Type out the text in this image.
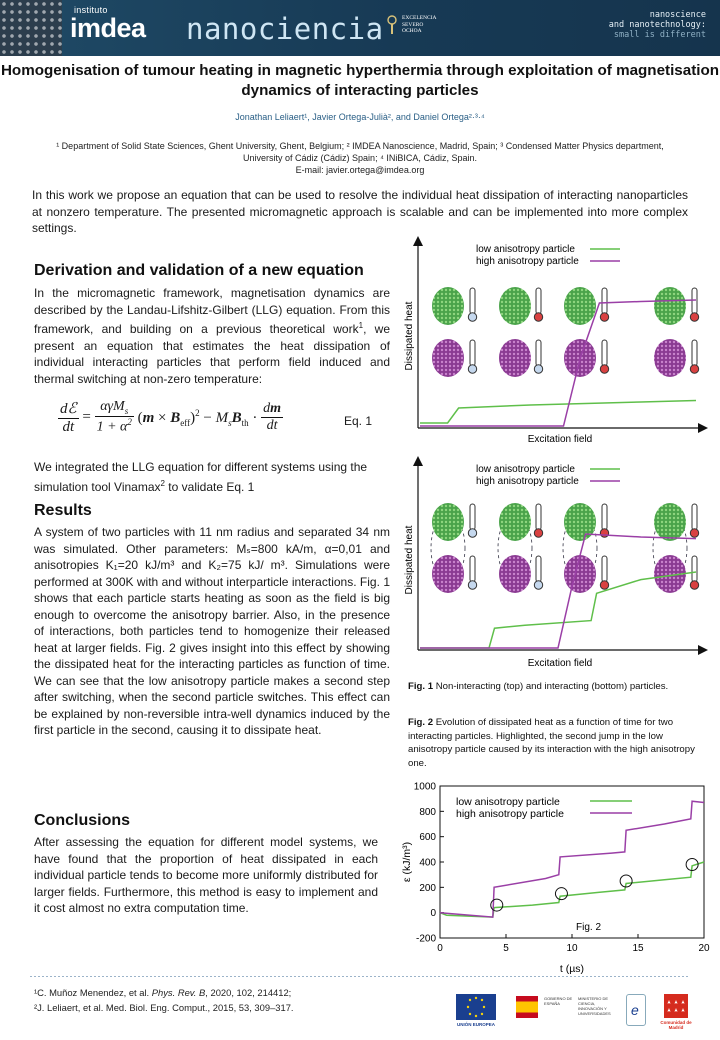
instituto
imdea nanociencia	EXCELENCIA
SEVERO
OCHOA
nanoscience
and nanotechnology:
small is different
Homogenisation of tumour heating in magnetic hyperthermia through exploitation of magnetisation dynamics of interacting particles
Jonathan Leliaert¹, Javier Ortega-Julià², and Daniel Ortega²·³·⁴
¹ Department of Solid State Sciences, Ghent University, Ghent, Belgium; ² IMDEA Nanoscience, Madrid, Spain; ³ Condensed Matter Physics department, University of Cádiz (Cádiz) Spain; ⁴ INiBICA, Cádiz, Spain.
E-mail: javier.ortega@imdea.org
In this work we propose an equation that can be used to resolve the individual heat dissipation of interacting nanoparticles at nonzero temperature. The presented micromagnetic approach is scalable and can be implemented into more complex settings.
Derivation and validation of a new equation
In the micromagnetic framework, magnetisation dynamics are described by the Landau-Lifshitz-Gilbert (LLG) equation. From this framework, and building on a previous theoretical work$^1$, we present an equation that estimates the heat dissipation of individual interacting particles that perform field induced and thermal switching at non-zero temperature:
$\frac{\text{dℰ}}{dt} = \frac{\alpha\gamma M_s}{1 + \alpha^2} (m \times B_{eff})^2 - M_sB_{th} \cdot \frac{dm}{dt}$	Eq. 1
We integrated the LLG equation for different systems using the simulation tool Vinamax$^2$ to validate Eq. 1
Results
A system of two particles with 11 nm radius and separated 34 nm was simulated. Other parameters: Mₛ=800 kA/m, α=0,01 and anisotropies K₁=20 kJ/m³ and K₂=75 kJ/ m³. Simulations were performed at 300K with and without interparticle interactions. Fig. 1 shows that each particle starts heating as soon as the field is big enough to overcome the anisotropy barrier. Also, in the presence of interactions, both particles tend to homogenize their released heat at larger fields. Fig. 2 gives insight into this effect by showing the dissipated heat for the interacting particles as function of time. We can see that the low anisotropy particle makes a second step after switching, when the second particle switches. This effect can be explained by non-reversible intra-well dynamics induced by the first particle in the second, causing it to dissipate heat.
Conclusions
After assessing the equation for different model systems, we have found that the proportion of heat dissipated in each individual particle tends to become more uniformly distributed for larger fields. Furthermore, this method is easy to implement and it cost almost no extra computation time.
Dissipated heat
Excitation field
low anisotropy particle
high anisotropy particle
Dissipated heat
Excitation field
low anisotropy particle
high anisotropy particle
Fig. 1 Non-interacting (top) and interacting (bottom) particles.
Fig. 2 Evolution of dissipated heat as a function of time for two interacting particles. Highlighted, the second jump in the low anisotropy particle caused by its interaction with the high anisotropy one.
-200
0
200
400
600
800
1000
0	5	10	15	20
ε (kJ/m³)
t (µs)
low anisotropy particle
high anisotropy particle
Fig. 2
¹C. Muñoz Menendez, et al. Phys. Rev. B, 2020, 102, 214412;
²J. Leliaert, et al. Med. Biol. Eng. Comput., 2015, 53, 309–317.
UNIÓN EUROPEA
GOBIERNO DE ESPAÑA
MINISTERIO DE CIENCIA, INNOVACIÓN Y UNIVERSIDADES	e
Comunidad de Madrid
